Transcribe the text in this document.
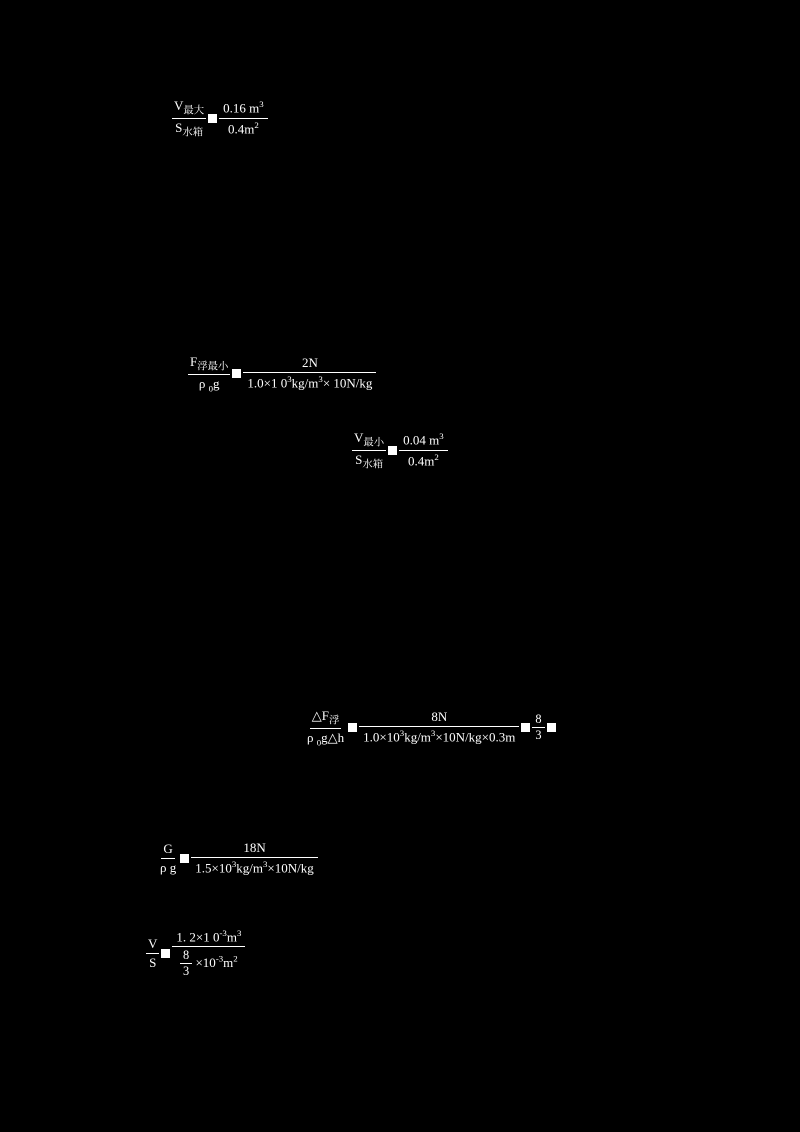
$\frac{V_{最大}}{S_{水箱}} \frac{0.16 m^3}{0.4m^2}$
$\frac{F_{浮最小}}{\rho _0g} \frac{2N}{1.0\times 1 0^3kg/m^3\times 10N/kg}$
$\frac{V_{最小}}{S_{水箱}} \frac{0.04 m^3}{0.4m^2}$
$\frac{\triangle F_浮}{\rho _0g\triangle h} \frac{8N}{1.0\times 10^3kg/m^3\times 10N/kg\times 0.3m} \frac{8}{3}$
$\frac{G}{\text{ρ g}} \frac{18N}{1.5\times 10^3kg/m^3\times 10N/kg}$
$\frac{V}{S} \frac{1. 2\times 1 0^{-3}m^3}{\frac{8}{3} \times 10^{-3}m^2}$
